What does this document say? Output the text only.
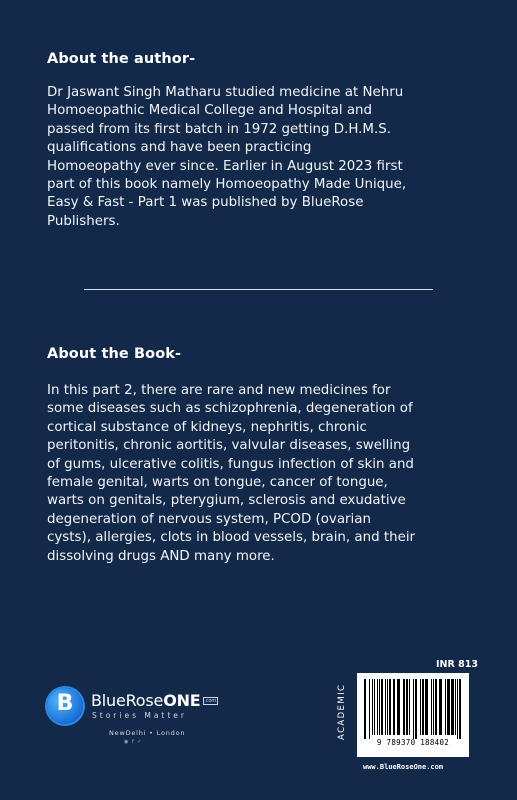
About the author-
Dr Jaswant Singh Matharu studied medicine at Nehru
Homoeopathic Medical College and Hospital and
passed from its first batch in 1972 getting D.H.M.S.
qualifications and have been practicing
Homoeopathy ever since. Earlier in August 2023 first
part of this book namely Homoeopathy Made Unique,
Easy & Fast - Part 1 was published by BlueRose
Publishers.
About the Book-
In this part 2, there are rare and new medicines for
some diseases such as schizophrenia, degeneration of
cortical substance of kidneys, nephritis, chronic
peritonitis, chronic aortitis, valvular diseases, swelling
of gums, ulcerative colitis, fungus infection of skin and
female genital, warts on tongue, cancer of tongue,
warts on genitals, pterygium, sclerosis and exudative
degeneration of nervous system, PCOD (ovarian
cysts), allergies, clots in blood vessels, brain, and their
dissolving drugs AND many more.
B	BlueRoseONE .com
Stories Matter
NewDelhi • London
◉ f ✓
INR 813
ACADEMIC
9 789370 188402
www.BlueRoseOne.com
